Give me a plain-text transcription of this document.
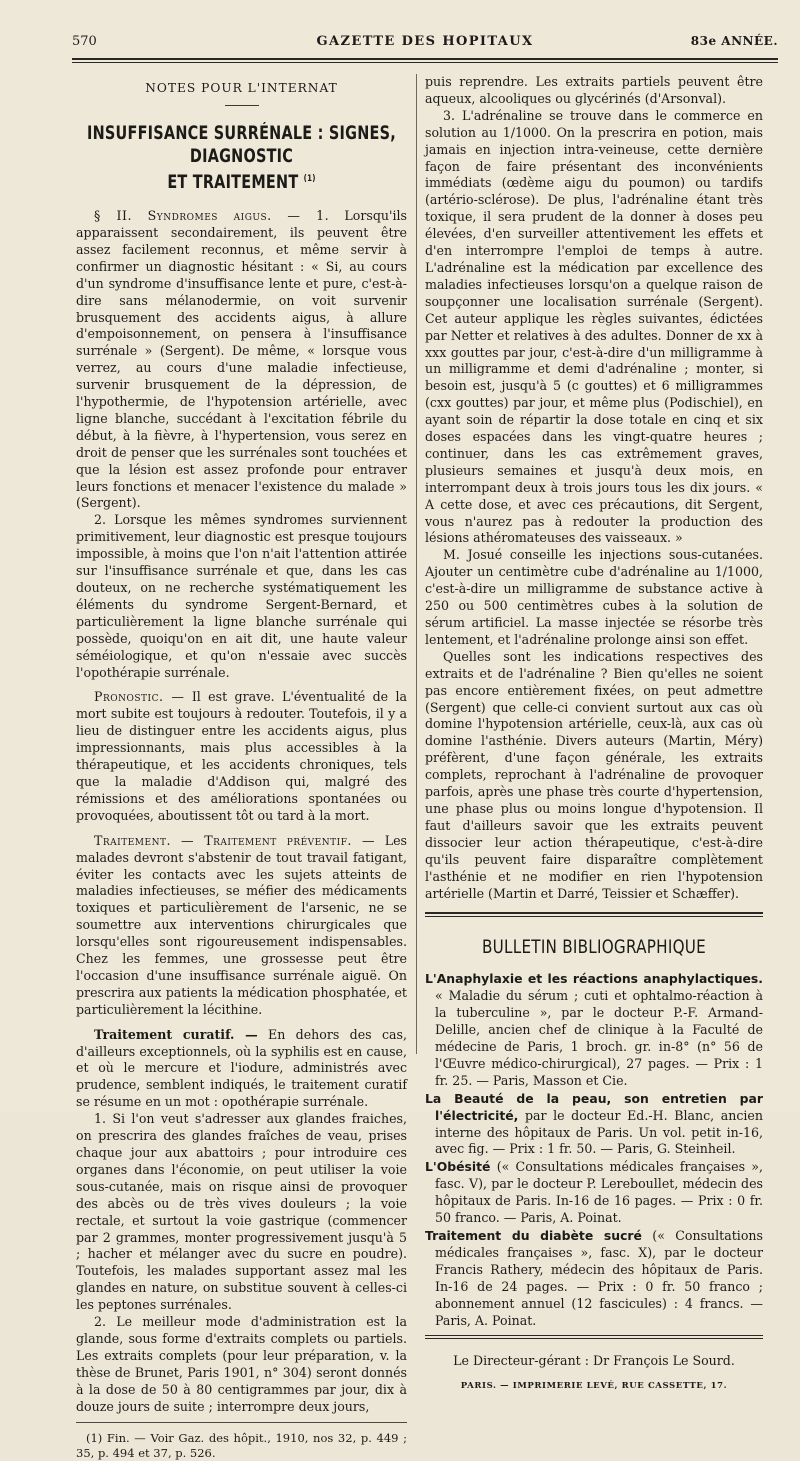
570	GAZETTE DES HOPITAUX	83e ANNÉE.

NOTES POUR L'INTERNAT

INSUFFISANCE SURRÉNALE : SIGNES, DIAGNOSTIC
ET TRAITEMENT $^{(1)}$

§ II. Syndromes aigus. — 1. Lorsqu'ils apparaissent secondairement, ils peuvent être assez facilement reconnus, et même servir à confirmer un diagnostic hésitant : « Si, au cours d'un syndrome d'insuffisance lente et pure, c'est-à-dire sans mélanodermie, on voit survenir brusquement des accidents aigus, à allure d'empoisonnement, on pensera à l'insuffisance surrénale » (Sergent). De même, « lorsque vous verrez, au cours d'une maladie infectieuse, survenir brusquement de la dépression, de l'hypothermie, de l'hypotension artérielle, avec ligne blanche, succédant à l'excitation fébrile du début, à la fièvre, à l'hypertension, vous serez en droit de penser que les surrénales sont touchées et que la lésion est assez profonde pour entraver leurs fonctions et menacer l'existence du malade » (Sergent).

2. Lorsque les mêmes syndromes surviennent primitivement, leur diagnostic est presque toujours impossible, à moins que l'on n'ait l'attention attirée sur l'insuffisance surrénale et que, dans les cas douteux, on ne recherche systématiquement les éléments du syndrome Sergent-Bernard, et particulièrement la ligne blanche surrénale qui possède, quoiqu'on en ait dit, une haute valeur séméiologique, et qu'on n'essaie avec succès l'opothérapie surrénale.

Pronostic. — Il est grave. L'éventualité de la mort subite est toujours à redouter. Toutefois, il y a lieu de distinguer entre les accidents aigus, plus impressionnants, mais plus accessibles à la thérapeutique, et les accidents chroniques, tels que la maladie d'Addison qui, malgré des rémissions et des améliorations spontanées ou provoquées, aboutissent tôt ou tard à la mort.

Traitement. — Traitement préventif. — Les malades devront s'abstenir de tout travail fatigant, éviter les contacts avec les sujets atteints de maladies infectieuses, se méfier des médicaments toxiques et particulièrement de l'arsenic, ne se soumettre aux interventions chirurgicales que lorsqu'elles sont rigoureusement indispensables. Chez les femmes, une grossesse peut être l'occasion d'une insuffisance surrénale aiguë. On prescrira aux patients la médication phosphatée, et particulièrement la lécithine.

Traitement curatif. — En dehors des cas, d'ailleurs exceptionnels, où la syphilis est en cause, et où le mercure et l'iodure, administrés avec prudence, semblent indiqués, le traitement curatif se résume en un mot : opothérapie surrénale.

1. Si l'on veut s'adresser aux glandes fraiches, on prescrira des glandes fraîches de veau, prises chaque jour aux abattoirs ; pour introduire ces organes dans l'économie, on peut utiliser la voie sous-cutanée, mais on risque ainsi de provoquer des abcès ou de très vives douleurs ; la voie rectale, et surtout la voie gastrique (commencer par 2 grammes, monter progressivement jusqu'à 5 ; hacher et mélanger avec du sucre en poudre). Toutefois, les malades supportant assez mal les glandes en nature, on substitue souvent à celles-ci les peptones surrénales.

2. Le meilleur mode d'administration est la glande, sous forme d'extraits complets ou partiels. Les extraits complets (pour leur préparation, v. la thèse de Brunet, Paris 1901, n° 304) seront donnés à la dose de 50 à 80 centigrammes par jour, dix à douze jours de suite ; interrompre deux jours,

(1) Fin. — Voir Gaz. des hôpit., 1910, nos 32, p. 449 ; 35, p. 494 et 37, p. 526.

puis reprendre. Les extraits partiels peuvent être aqueux, alcooliques ou glycérinés (d'Arsonval).

3. L'adrénaline se trouve dans le commerce en solution au 1/1000. On la prescrira en potion, mais jamais en injection intra-veineuse, cette dernière façon de faire présentant des inconvénients immédiats (œdème aigu du poumon) ou tardifs (artério-sclérose). De plus, l'adrénaline étant très toxique, il sera prudent de la donner à doses peu élevées, d'en surveiller attentivement les effets et d'en interrompre l'emploi de temps à autre. L'adrénaline est la médication par excellence des maladies infectieuses lorsqu'on a quelque raison de soupçonner une localisation surrénale (Sergent). Cet auteur applique les règles suivantes, édictées par Netter et relatives à des adultes. Donner de xx à xxx gouttes par jour, c'est-à-dire d'un milligramme à un milligramme et demi d'adrénaline ; monter, si besoin est, jusqu'à 5 (c gouttes) et 6 milligrammes (cxx gouttes) par jour, et même plus (Podischiel), en ayant soin de répartir la dose totale en cinq et six doses espacées dans les vingt-quatre heures ; continuer, dans les cas extrêmement graves, plusieurs semaines et jusqu'à deux mois, en interrompant deux à trois jours tous les dix jours. « A cette dose, et avec ces précautions, dit Sergent, vous n'aurez pas à redouter la production des lésions athéromateuses des vaisseaux. »

M. Josué conseille les injections sous-cutanées. Ajouter un centimètre cube d'adrénaline au 1/1000, c'est-à-dire un milligramme de substance active à 250 ou 500 centimètres cubes à la solution de sérum artificiel. La masse injectée se résorbe très lentement, et l'adrénaline prolonge ainsi son effet.

Quelles sont les indications respectives des extraits et de l'adrénaline ? Bien qu'elles ne soient pas encore entièrement fixées, on peut admettre (Sergent) que celle-ci convient surtout aux cas où domine l'hypotension artérielle, ceux-là, aux cas où domine l'asthénie. Divers auteurs (Martin, Méry) préfèrent, d'une façon générale, les extraits complets, reprochant à l'adrénaline de provoquer parfois, après une phase très courte d'hypertension, une phase plus ou moins longue d'hypotension. Il faut d'ailleurs savoir que les extraits peuvent dissocier leur action thérapeutique, c'est-à-dire qu'ils peuvent faire disparaître complètement l'asthénie et ne modifier en rien l'hypotension artérielle (Martin et Darré, Teissier et Schæffer).

BULLETIN BIBLIOGRAPHIQUE

L'Anaphylaxie et les réactions anaphylactiques. « Maladie du sérum ; cuti et ophtalmo-réaction à la tuberculine », par le docteur P.-F. Armand-Delille, ancien chef de clinique à la Faculté de médecine de Paris, 1 broch. gr. in-8° (n° 56 de l'Œuvre médico-chirurgical), 27 pages. — Prix : 1 fr. 25. — Paris, Masson et Cie.

La Beauté de la peau, son entretien par l'électricité, par le docteur Ed.-H. Blanc, ancien interne des hôpitaux de Paris. Un vol. petit in-16, avec fig. — Prix : 1 fr. 50. — Paris, G. Steinheil.

L'Obésité (« Consultations médicales françaises », fasc. V), par le docteur P. Lereboullet, médecin des hôpitaux de Paris. In-16 de 16 pages. — Prix : 0 fr. 50 franco. — Paris, A. Poinat.

Traitement du diabète sucré (« Consultations médicales françaises », fasc. X), par le docteur Francis Rathery, médecin des hôpitaux de Paris. In-16 de 24 pages. — Prix : 0 fr. 50 franco ; abonnement annuel (12 fascicules) : 4 francs. — Paris, A. Poinat.

Le Directeur-gérant : Dr François Le Sourd.

PARIS. — IMPRIMERIE LEVÉ, RUE CASSETTE, 17.
